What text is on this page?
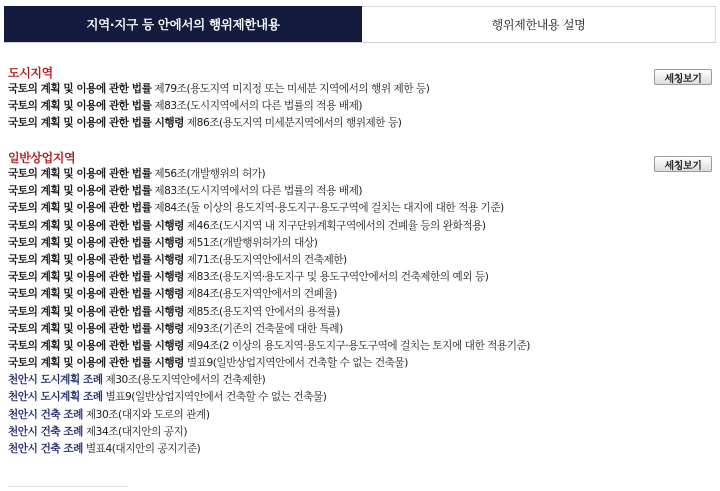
지역·지구 등 안에서의 행위제한내용	행위제한내용 설명
도시지역
국토의 계획 및 이용에 관한 법률 제79조(용도지역 미지정 또는 미세분 지역에서의 행위 제한 등)
국토의 계획 및 이용에 관한 법률 제83조(도시지역에서의 다른 법률의 적용 배제)
국토의 계획 및 이용에 관한 법률 시행령 제86조(용도지역 미세분지역에서의 행위제한 등)
세칭보기
일반상업지역
국토의 계획 및 이용에 관한 법률 제56조(개발행위의 허가)
국토의 계획 및 이용에 관한 법률 제83조(도시지역에서의 다른 법률의 적용 배제)
국토의 계획 및 이용에 관한 법률 제84조(둘 이상의 용도지역·용도지구·용도구역에 걸치는 대지에 대한 적용 기준)
국토의 계획 및 이용에 관한 법률 시행령 제46조(도시지역 내 지구단위계획구역에서의 건폐율 등의 완화적용)
국토의 계획 및 이용에 관한 법률 시행령 제51조(개발행위허가의 대상)
국토의 계획 및 이용에 관한 법률 시행령 제71조(용도지역안에서의 건축제한)
국토의 계획 및 이용에 관한 법률 시행령 제83조(용도지역·용도지구 및 용도구역안에서의 건축제한의 예외 등)
국토의 계획 및 이용에 관한 법률 시행령 제84조(용도지역안에서의 건폐율)
국토의 계획 및 이용에 관한 법률 시행령 제85조(용도지역 안에서의 용적률)
국토의 계획 및 이용에 관한 법률 시행령 제93조(기존의 건축물에 대한 특례)
국토의 계획 및 이용에 관한 법률 시행령 제94조(2 이상의 용도지역·용도지구·용도구역에 걸치는 토지에 대한 적용기준)
국토의 계획 및 이용에 관한 법률 시행령 별표9(일반상업지역안에서 건축할 수 없는 건축물)
천안시 도시계획 조례 제30조(용도지역안에서의 건축제한)
천안시 도시계획 조례 별표9(일반상업지역안에서 건축할 수 없는 건축물)
천안시 건축 조례 제30조(대지와 도로의 관계)
천안시 건축 조례 제34조(대지안의 공지)
천안시 건축 조례 별표4(대지안의 공지기준)
세칭보기
